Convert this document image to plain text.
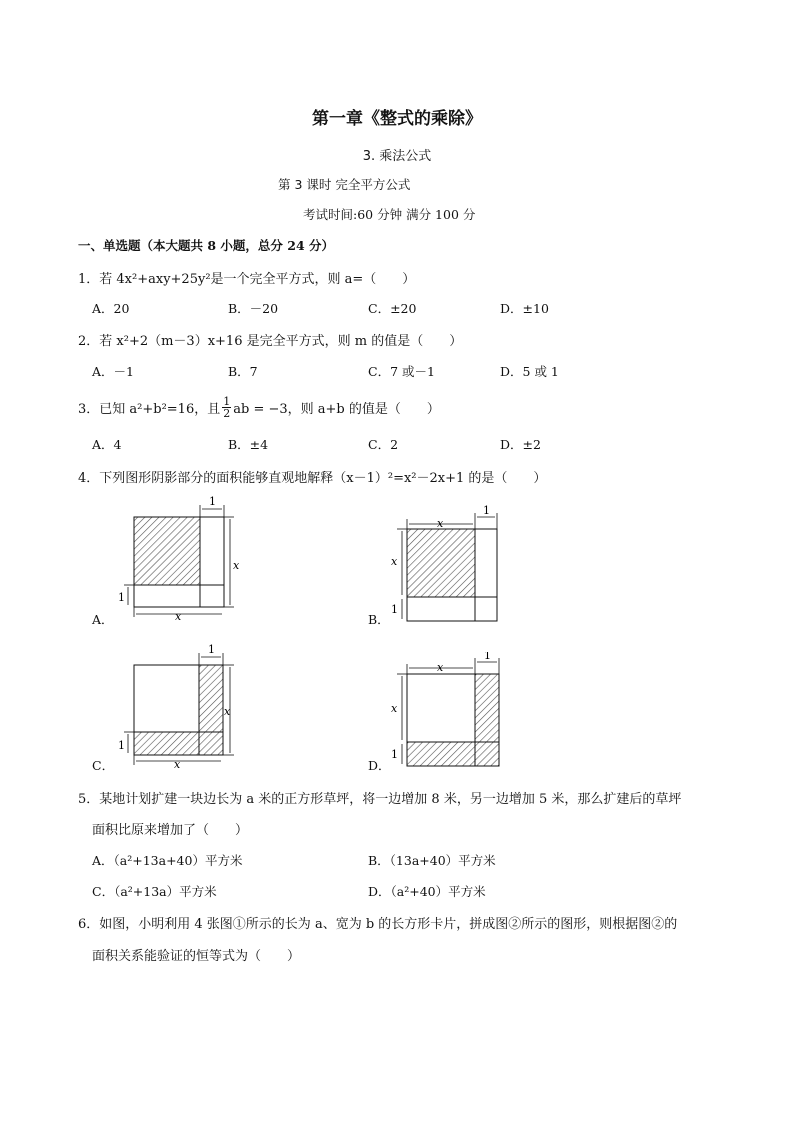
第一章《整式的乘除》
3. 乘法公式
第 3 课时 完全平方公式
考试时间:60 分钟 满分 100 分
一、单选题（本大题共 8 小题，总分 24 分）
1．若 4x²+axy+25y²是一个完全平方式，则 a=（　　）
A．20	B．－20	C．±20	D．±10
2．若 x²+2（m－3）x+16 是完全平方式，则 m 的值是（　　）
A．－1	B．7	C．7 或－1	D．5 或 1
3．已知 a²+b²=16，且 $\frac{1}{2}$ ab = −3，则 a+b 的值是（　　）
A．4	B．±4	C．2	D．±2
4．下列图形阴影部分的面积能够直观地解释（x－1）²=x²－2x+1 的是（　　）
1
x
1
x
A．
x
1
x
1
B．
1
x
1
x
C．
x
1
x
1
D．
5．某地计划扩建一块边长为 a 米的正方形草坪，将一边增加 8 米，另一边增加 5 米，那么扩建后的草坪
面积比原来增加了（　　）
A．（a²+13a+40）平方米	B．（13a+40）平方米
C．（a²+13a）平方米	D．（a²+40）平方米
6．如图，小明利用 4 张图①所示的长为 a、宽为 b 的长方形卡片，拼成图②所示的图形，则根据图②的
面积关系能验证的恒等式为（　　）
